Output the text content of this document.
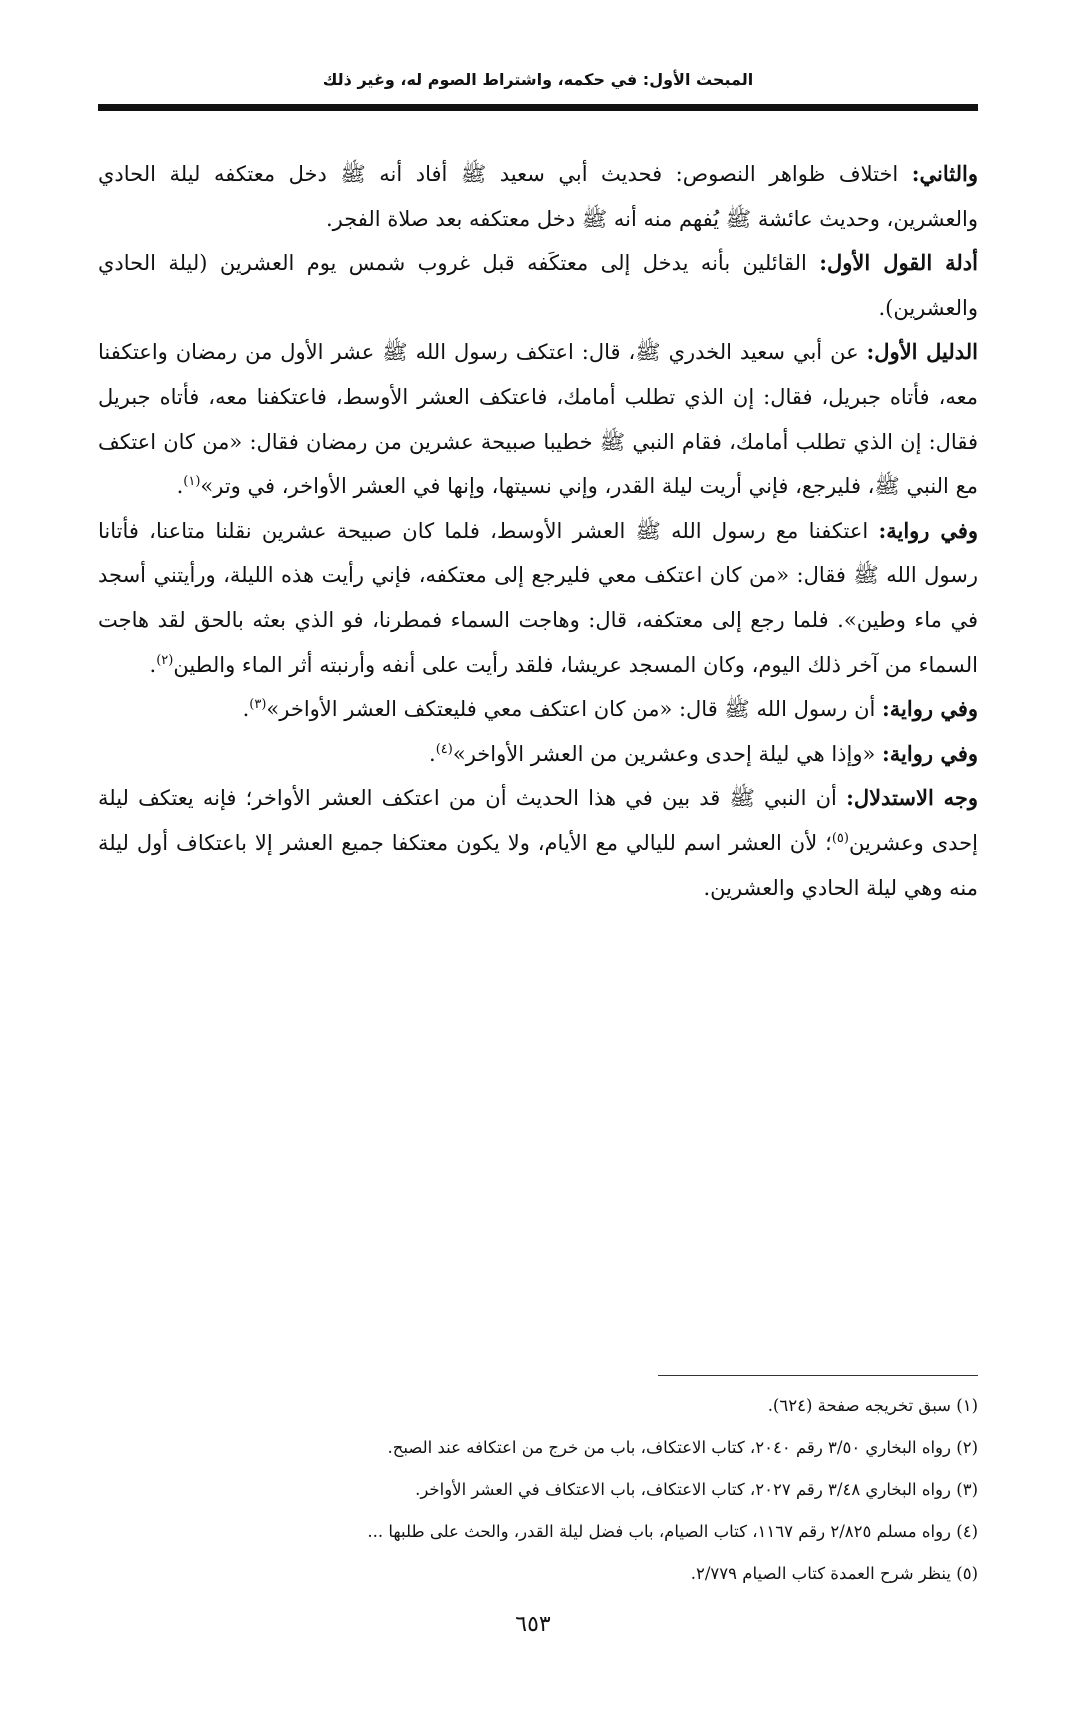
المبحث الأول: في حكمه، واشتراط الصوم له، وغير ذلك

والثاني: اختلاف ظواهر النصوص: فحديث أبي سعيد ﷺ أفاد أنه ﷺ دخل معتكفه ليلة الحادي والعشرين، وحديث عائشة ﷺ يُفهم منه أنه ﷺ دخل معتكفه بعد صلاة الفجر.

أدلة القول الأول: القائلين بأنه يدخل إلى معتكَفه قبل غروب شمس يوم العشرين (ليلة الحادي والعشرين).

الدليل الأول: عن أبي سعيد الخدري ﷺ، قال: اعتكف رسول الله ﷺ عشر الأول من رمضان واعتكفنا معه، فأتاه جبريل، فقال: إن الذي تطلب أمامك، فاعتكف العشر الأوسط، فاعتكفنا معه، فأتاه جبريل فقال: إن الذي تطلب أمامك، فقام النبي ﷺ خطيبا صبيحة عشرين من رمضان فقال: «من كان اعتكف مع النبي ﷺ، فليرجع، فإني أريت ليلة القدر، وإني نسيتها، وإنها في العشر الأواخر، في وتر»$^{(١)}$.

وفي رواية: اعتكفنا مع رسول الله ﷺ العشر الأوسط، فلما كان صبيحة عشرين نقلنا متاعنا، فأتانا رسول الله ﷺ فقال: «من كان اعتكف معي فليرجع إلى معتكفه، فإني رأيت هذه الليلة، ورأيتني أسجد في ماء وطين». فلما رجع إلى معتكفه، قال: وهاجت السماء فمطرنا، فو الذي بعثه بالحق لقد هاجت السماء من آخر ذلك اليوم، وكان المسجد عريشا، فلقد رأيت على أنفه وأرنبته أثر الماء والطين$^{(٢)}$.

وفي رواية: أن رسول الله ﷺ قال: «من كان اعتكف معي فليعتكف العشر الأواخر»$^{(٣)}$.

وفي رواية: «وإذا هي ليلة إحدى وعشرين من العشر الأواخر»$^{(٤)}$.

وجه الاستدلال: أن النبي ﷺ قد بين في هذا الحديث أن من اعتكف العشر الأواخر؛ فإنه يعتكف ليلة إحدى وعشرين$^{(٥)}$؛ لأن العشر اسم لليالي مع الأيام، ولا يكون معتكفا جميع العشر إلا باعتكاف أول ليلة منه وهي ليلة الحادي والعشرين.

(١) سبق تخريجه صفحة (٦٢٤).
(٢) رواه البخاري ٣/٥٠ رقم ٢٠٤٠، كتاب الاعتكاف، باب من خرج من اعتكافه عند الصبح.
(٣) رواه البخاري ٣/٤٨ رقم ٢٠٢٧، كتاب الاعتكاف، باب الاعتكاف في العشر الأواخر.
(٤) رواه مسلم ٢/٨٢٥ رقم ١١٦٧، كتاب الصيام، باب فضل ليلة القدر، والحث على طلبها ...
(٥) ينظر شرح العمدة كتاب الصيام ٢/٧٧٩.
٦٥٣
